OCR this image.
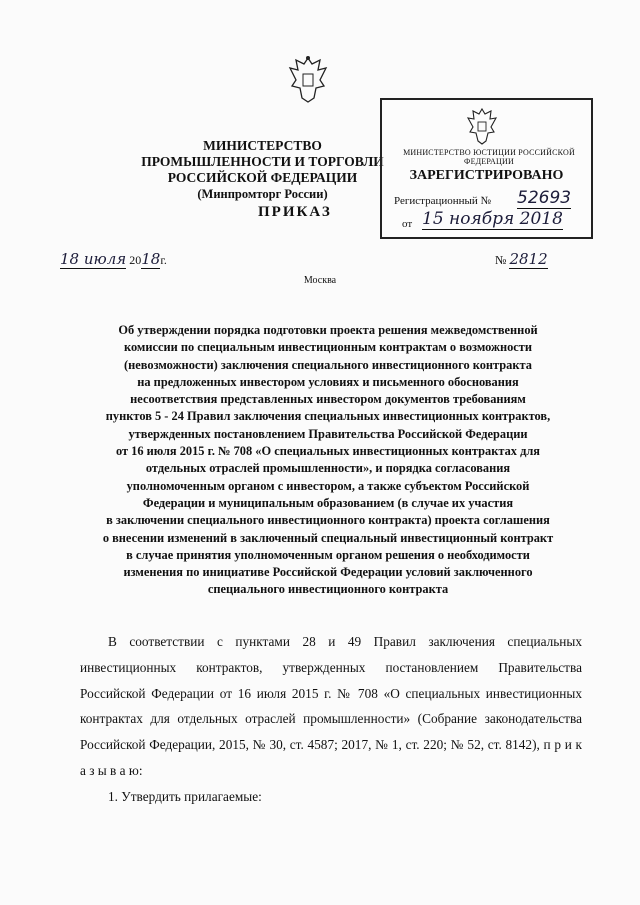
МИНИСТЕРСТВО ПРОМЫШЛЕННОСТИ И ТОРГОВЛИ
РОССИЙСКОЙ ФЕДЕРАЦИИ
(Минпромторг России)
ПРИКАЗ
МИНИСТЕРСТВО ЮСТИЦИИ РОССИЙСКОЙ ФЕДЕРАЦИИ
ЗАРЕГИСТРИРОВАНО
Регистрационный № 52693
от 15 ноября 2018
18 июля 2018г.	№ 2812
Москва
Об утверждении порядка подготовки проекта решения межведомственной
комиссии по специальным инвестиционным контрактам о возможности
(невозможности) заключения специального инвестиционного контракта
на предложенных инвестором условиях и письменного обоснования
несоответствия представленных инвестором документов требованиям
пунктов 5 - 24 Правил заключения специальных инвестиционных контрактов,
утвержденных постановлением Правительства Российской Федерации
от 16 июля 2015 г. № 708 «О специальных инвестиционных контрактах для
отдельных отраслей промышленности», и порядка согласования
уполномоченным органом с инвестором, а также субъектом Российской
Федерации и муниципальным образованием (в случае их участия
в заключении специального инвестиционного контракта) проекта соглашения
о внесении изменений в заключенный специальный инвестиционный контракт
в случае принятия уполномоченным органом решения о необходимости
изменения по инициативе Российской Федерации условий заключенного
специального инвестиционного контракта
В соответствии с пунктами 28 и 49 Правил заключения специальных инвестиционных контрактов, утвержденных постановлением Правительства Российской Федерации от 16 июля 2015 г. № 708 «О специальных инвестиционных контрактах для отдельных отраслей промышленности» (Собрание законодательства Российской Федерации, 2015, № 30, ст. 4587; 2017, № 1, ст. 220; № 52, ст. 8142), п р и к а з ы в а ю:
1. Утвердить прилагаемые:
